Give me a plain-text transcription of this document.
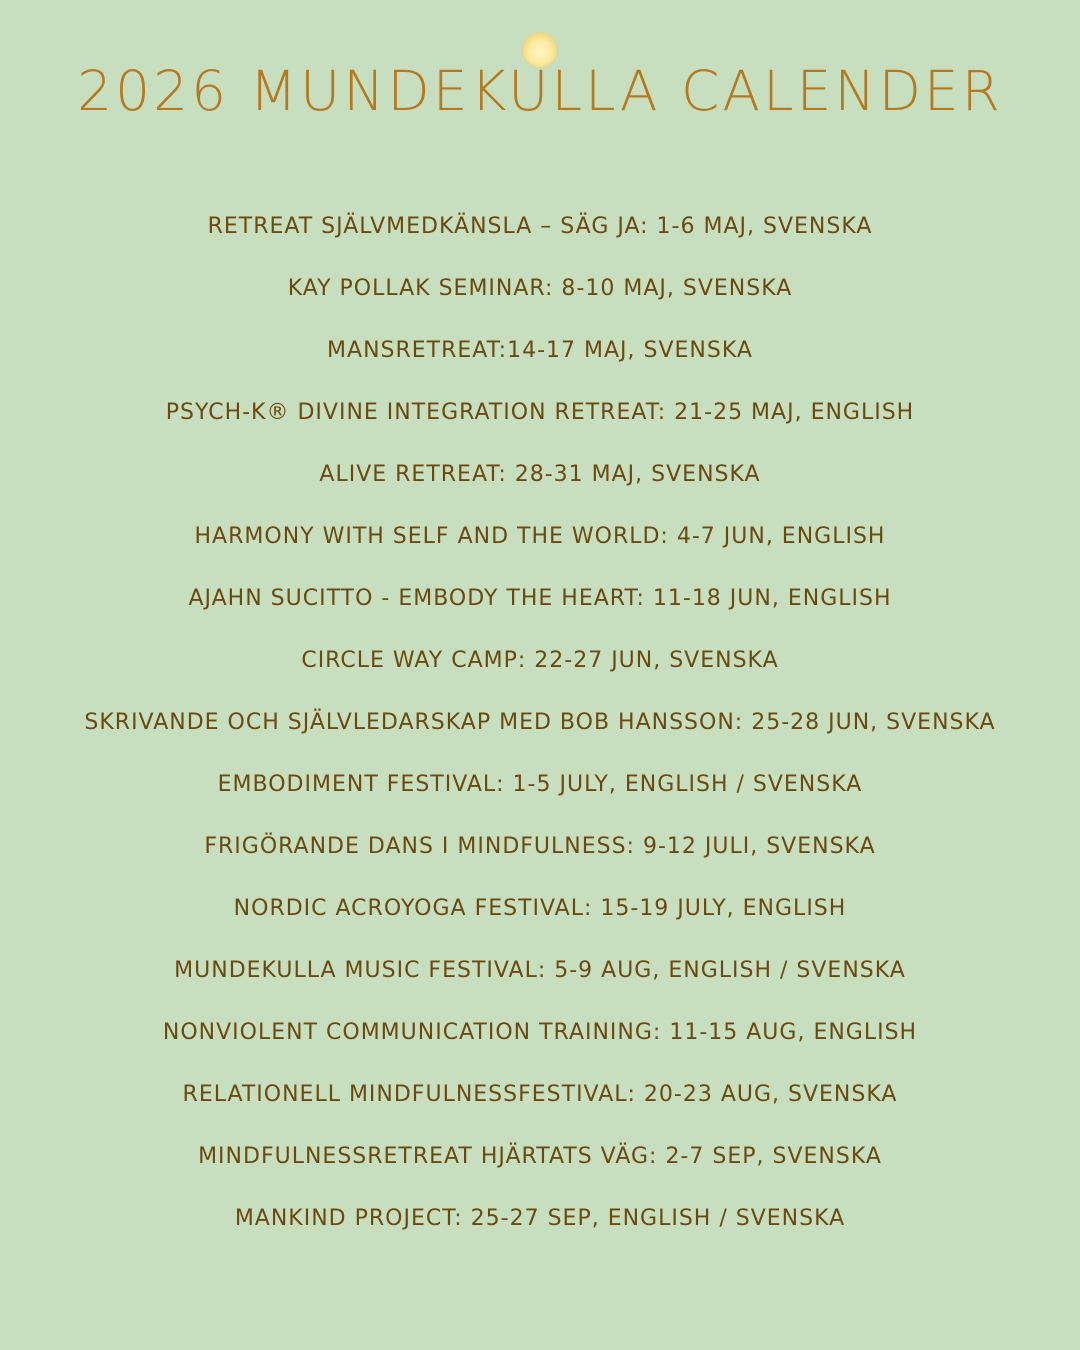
2026 MUNDEKULLA CALENDER
RETREAT SJÄLVMEDKÄNSLA – SÄG JA: 1-6 MAJ, SVENSKA
KAY POLLAK SEMINAR: 8-10 MAJ, SVENSKA
MANSRETREAT:14-17 MAJ, SVENSKA
PSYCH-K® DIVINE INTEGRATION RETREAT: 21-25 MAJ, ENGLISH
ALIVE RETREAT: 28-31 MAJ, SVENSKA
HARMONY WITH SELF AND THE WORLD: 4-7 JUN, ENGLISH
AJAHN SUCITTO - EMBODY THE HEART: 11-18 JUN, ENGLISH
CIRCLE WAY CAMP: 22-27 JUN, SVENSKA
SKRIVANDE OCH SJÄLVLEDARSKAP MED BOB HANSSON: 25-28 JUN, SVENSKA
EMBODIMENT FESTIVAL: 1-5 JULY, ENGLISH / SVENSKA
FRIGÖRANDE DANS I MINDFULNESS: 9-12 JULI, SVENSKA
NORDIC ACROYOGA FESTIVAL: 15-19 JULY, ENGLISH
MUNDEKULLA MUSIC FESTIVAL: 5-9 AUG, ENGLISH / SVENSKA
NONVIOLENT COMMUNICATION TRAINING: 11-15 AUG, ENGLISH
RELATIONELL MINDFULNESSFESTIVAL: 20-23 AUG, SVENSKA
MINDFULNESSRETREAT HJÄRTATS VÄG: 2-7 SEP, SVENSKA
MANKIND PROJECT: 25-27 SEP, ENGLISH / SVENSKA
